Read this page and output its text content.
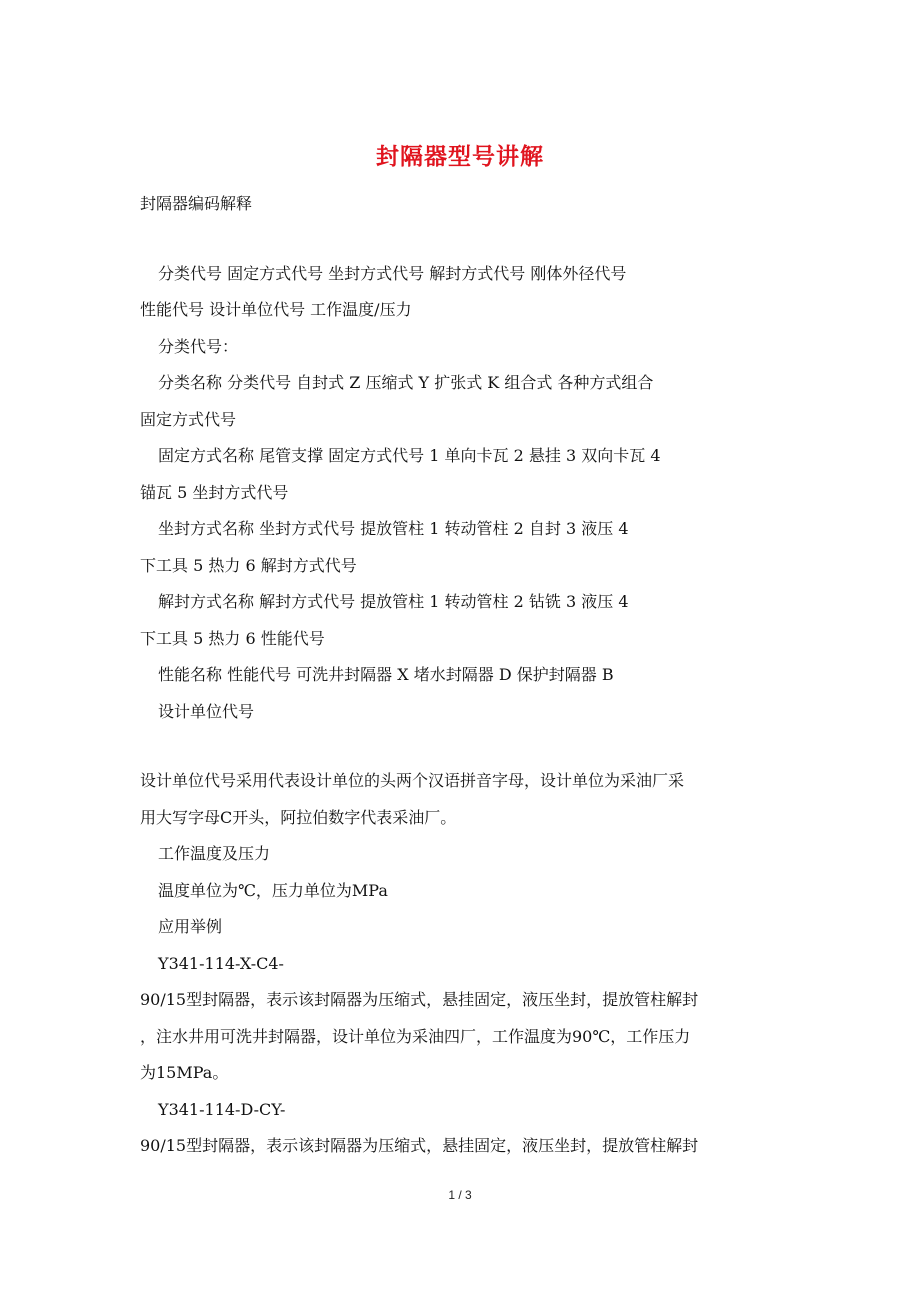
封隔器型号讲解
封隔器编码解释
分类代号 固定方式代号 坐封方式代号 解封方式代号 刚体外径代号
性能代号 设计单位代号 工作温度/压力
分类代号：
分类名称 分类代号 自封式 Z 压缩式 Y 扩张式 K 组合式 各种方式组合
固定方式代号
固定方式名称 尾管支撑 固定方式代号 1 单向卡瓦 2 悬挂 3 双向卡瓦 4
锚瓦 5 坐封方式代号
坐封方式名称 坐封方式代号 提放管柱 1 转动管柱 2 自封 3 液压 4
下工具 5 热力 6 解封方式代号
解封方式名称 解封方式代号 提放管柱 1 转动管柱 2 钻铣 3 液压 4
下工具 5 热力 6 性能代号
性能名称 性能代号 可洗井封隔器 X 堵水封隔器 D 保护封隔器 B
设计单位代号
设计单位代号采用代表设计单位的头两个汉语拼音字母，设计单位为采油厂采
用大写字母C开头，阿拉伯数字代表采油厂。
工作温度及压力
温度单位为℃，压力单位为MPa
应用举例
Y341-114-X-C4-
90/15型封隔器，表示该封隔器为压缩式，悬挂固定，液压坐封，提放管柱解封
，注水井用可洗井封隔器，设计单位为采油四厂，工作温度为90℃，工作压力
为15MPa。
Y341-114-D-CY-
90/15型封隔器，表示该封隔器为压缩式，悬挂固定，液压坐封，提放管柱解封
1 / 3
